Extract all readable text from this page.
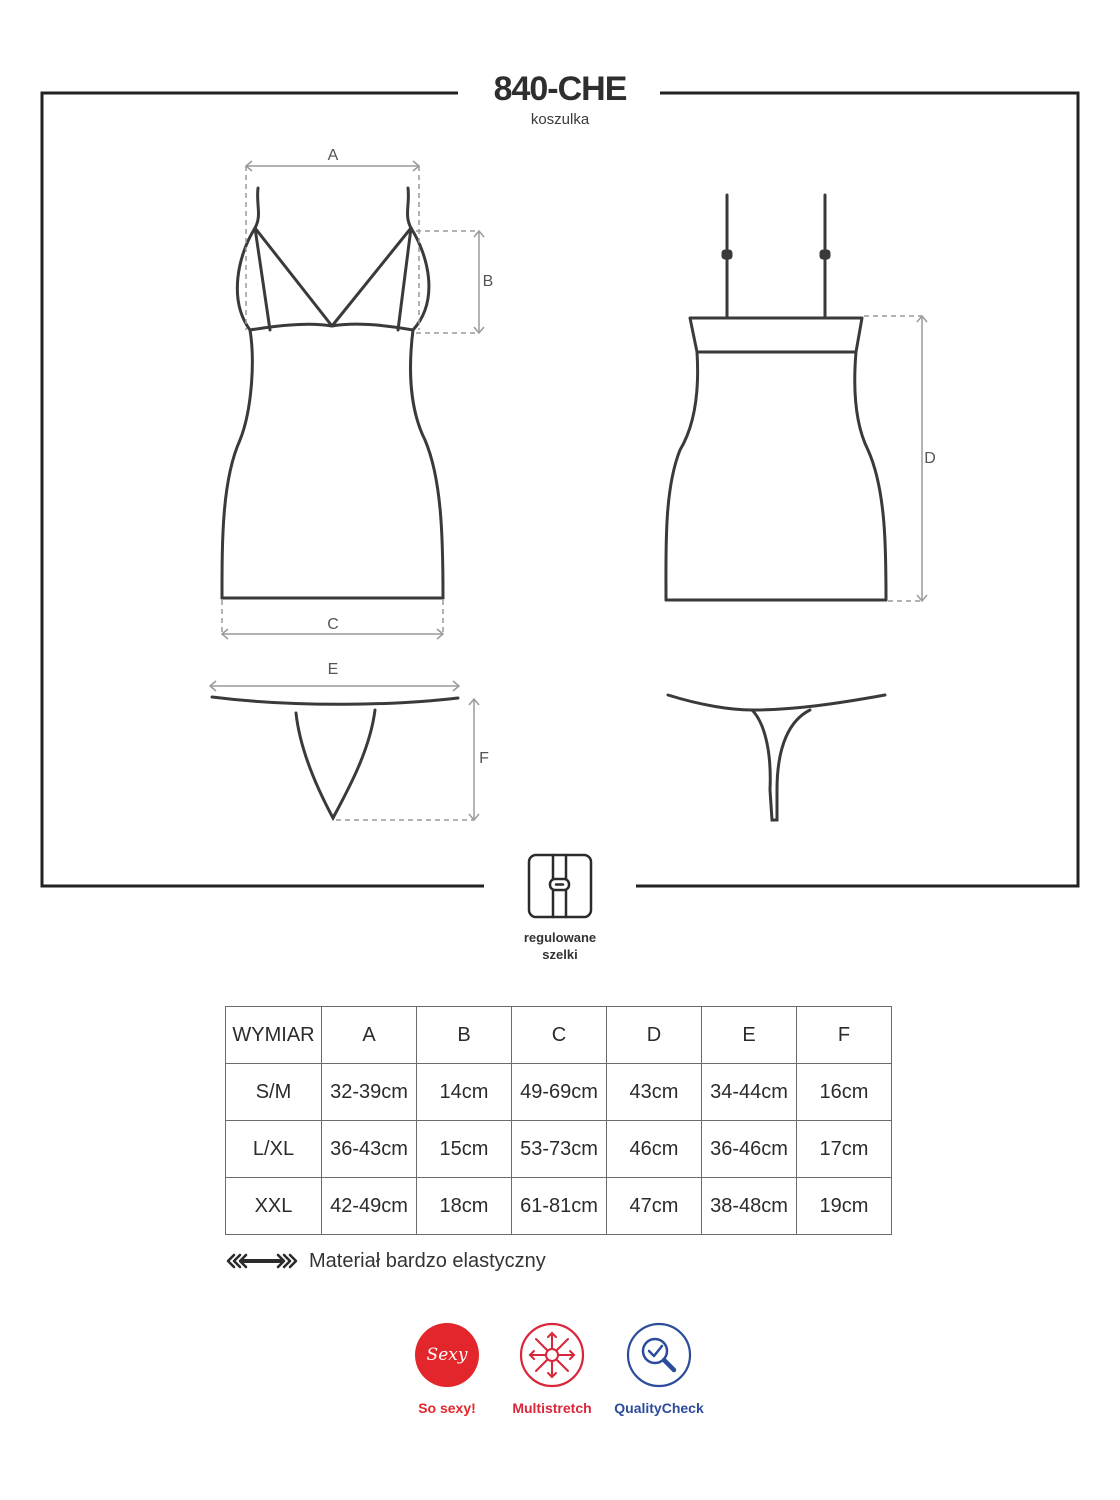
840-CHE
koszulka
A
B
C
D
E
F
regulowane
szelki
WYMIAR	A	B	C	D	E	F
S/M	32-39cm	14cm	49-69cm	43cm	34-44cm	16cm
L/XL	36-43cm	15cm	53-73cm	46cm	36-46cm	17cm
XXL	42-49cm	18cm	61-81cm	47cm	38-48cm	19cm
Materiał bardzo elastyczny
Sexy
So sexy!	Multistretch	QualityCheck
